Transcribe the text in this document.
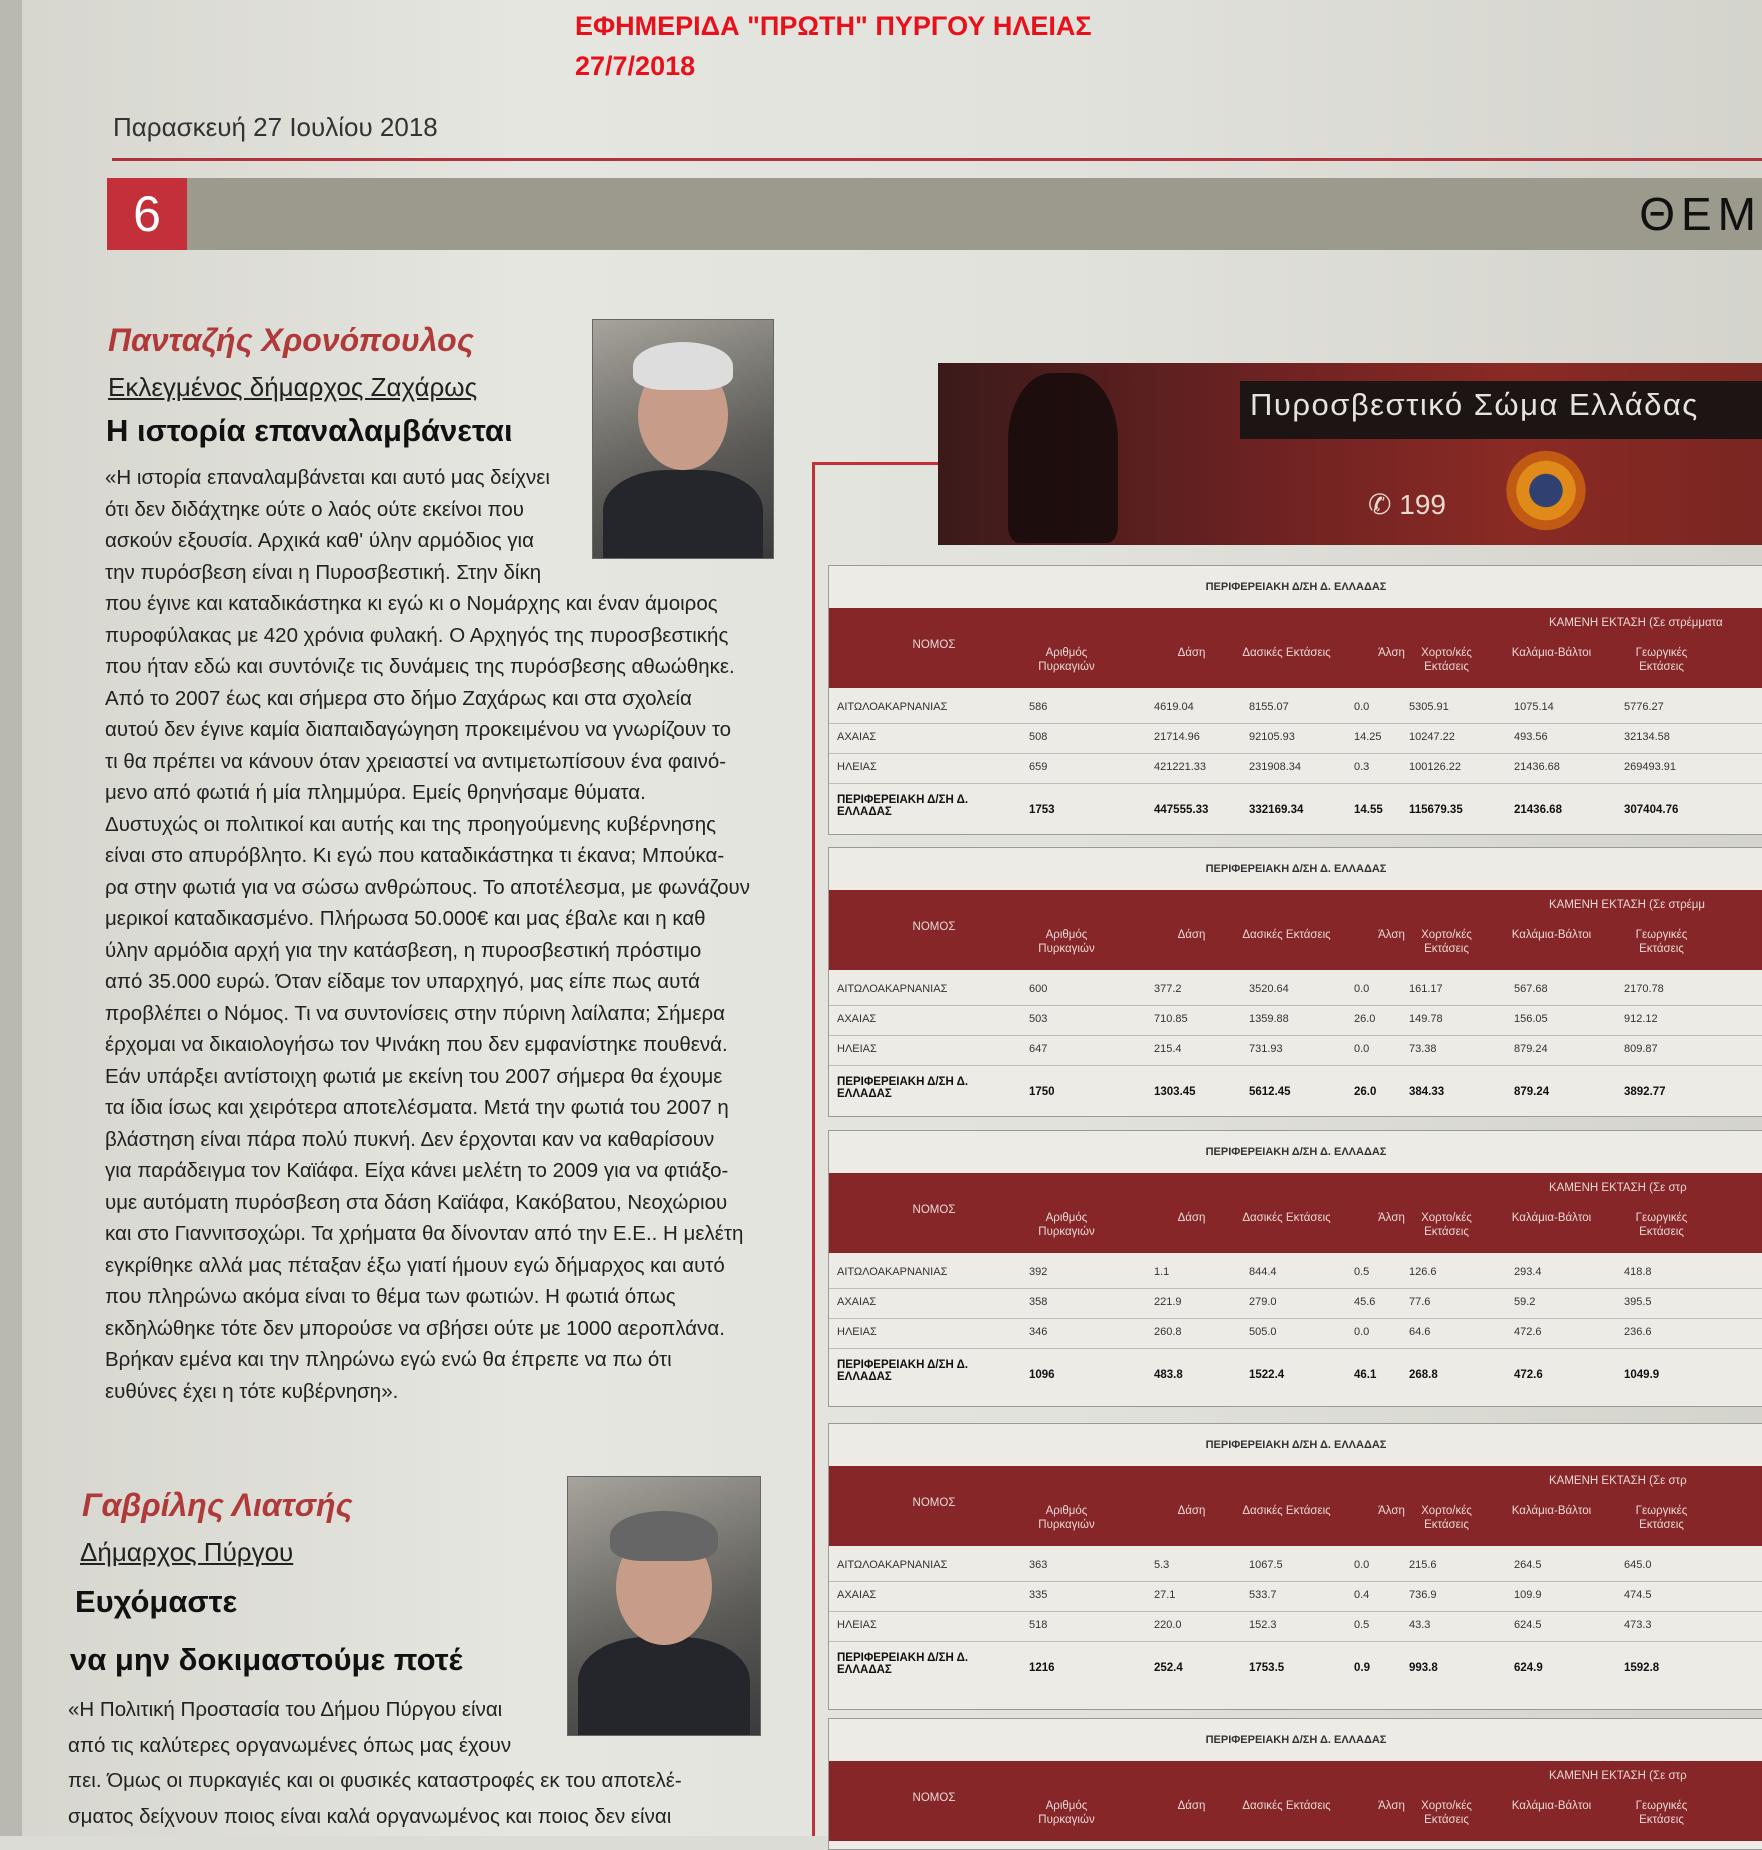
ΕΦΗΜΕΡΙΔΑ "ΠΡΩΤΗ" ΠΥΡΓΟΥ ΗΛΕΙΑΣ
27/7/2018
Παρασκευή 27 Ιουλίου 2018
6	ΘΕΜ
Πανταζής Χρονόπουλος
Εκλεγμένος δήμαρχος Ζαχάρως
Η ιστορία επαναλαμβάνεται
«Η ιστορία επαναλαμβάνεται και αυτό μας δείχνει
ότι δεν διδάχτηκε ούτε ο λαός ούτε εκείνοι που
ασκούν εξουσία. Αρχικά καθ' ύλην αρμόδιος για
την πυρόσβεση είναι η Πυροσβεστική. Στην δίκη
που έγινε και καταδικάστηκα κι εγώ κι ο Νομάρχης και έναν άμοιρος
πυροφύλακας με 420 χρόνια φυλακή. Ο Αρχηγός της πυροσβεστικής
που ήταν εδώ και συντόνιζε τις δυνάμεις της πυρόσβεσης αθωώθηκε.
Από το 2007 έως και σήμερα στο δήμο Ζαχάρως και στα σχολεία
αυτού δεν έγινε καμία διαπαιδαγώγηση προκειμένου να γνωρίζουν το
τι θα πρέπει να κάνουν όταν χρειαστεί να αντιμετωπίσουν ένα φαινό-
μενο από φωτιά ή μία πλημμύρα. Εμείς θρηνήσαμε θύματα.
Δυστυχώς οι πολιτικοί και αυτής και της προηγούμενης κυβέρνησης
είναι στο απυρόβλητο. Κι εγώ που καταδικάστηκα τι έκανα; Μπούκα-
ρα στην φωτιά για να σώσω ανθρώπους. Το αποτέλεσμα, με φωνάζουν
μερικοί καταδικασμένο. Πλήρωσα 50.000€ και μας έβαλε και η καθ
ύλην αρμόδια αρχή για την κατάσβεση, η πυροσβεστική πρόστιμο
από 35.000 ευρώ. Όταν είδαμε τον υπαρχηγό, μας είπε πως αυτά
προβλέπει ο Νόμος. Τι να συντονίσεις στην πύρινη λαίλαπα; Σήμερα
έρχομαι να δικαιολογήσω τον Ψινάκη που δεν εμφανίστηκε πουθενά.
Εάν υπάρξει αντίστοιχη φωτιά με εκείνη του 2007 σήμερα θα έχουμε
τα ίδια ίσως και χειρότερα αποτελέσματα. Μετά την φωτιά του 2007 η
βλάστηση είναι πάρα πολύ πυκνή. Δεν έρχονται καν να καθαρίσουν
για παράδειγμα τον Καϊάφα. Είχα κάνει μελέτη το 2009 για να φτιάξο-
υμε αυτόματη πυρόσβεση στα δάση Καϊάφα, Κακόβατου, Νεοχώριου
και στο Γιαννιτσοχώρι. Τα χρήματα θα δίνονταν από την Ε.Ε.. Η μελέτη
εγκρίθηκε αλλά μας πέταξαν έξω γιατί ήμουν εγώ δήμαρχος και αυτό
που πληρώνω ακόμα είναι το θέμα των φωτιών. Η φωτιά όπως
εκδηλώθηκε τότε δεν μπορούσε να σβήσει ούτε με 1000 αεροπλάνα.
Βρήκαν εμένα και την πληρώνω εγώ ενώ θα έπρεπε να πω ότι
ευθύνες έχει η τότε κυβέρνηση».
Γαβρίλης Λιατσής
Δήμαρχος Πύργου
Ευχόμαστε
να μην δοκιμαστούμε ποτέ
«Η Πολιτική Προστασία του Δήμου Πύργου είναι
από τις καλύτερες οργανωμένες όπως μας έχουν
πει. Όμως οι πυρκαγιές και οι φυσικές καταστροφές εκ του αποτελέ-
σματος δείχνουν ποιος είναι καλά οργανωμένος και ποιος δεν είναι
Πυροσβεστικό Σώμα Ελλάδας
✆ 199
ΠΕΡΙΦΕΡΕΙΑΚΗ Δ/ΣΗ Δ. ΕΛΛΑΔΑΣ
ΚΑΜΕΝΗ ΕΚΤΑΣΗ (Σε στρέμματα
ΝΟΜΟΣ
Αριθμός Πυρκαγιών
Δάση	Δασικές Εκτάσεις	Άλση	Χορτο/κές Εκτάσεις
Καλάμια-Βάλτοι	Γεωργικές Εκτάσεις
ΑΙΤΩΛΟΑΚΑΡΝΑΝΙΑΣ	586	4619.04	8155.07	0.0	5305.91	1075.14	5776.27
ΑΧΑΙΑΣ	508	21714.96	92105.93	14.25 10247.22	493.56	32134.58
ΗΛΕΙΑΣ	659	421221.33	231908.34	0.3	100126.22	21436.68	269493.91
ΠΕΡΙΦΕΡΕΙΑΚΗ Δ/ΣΗ Δ. ΕΛΛΑΔΑΣ	1753	447555.33	332169.34	14.55 115679.35	21436.68	307404.76
ΠΕΡΙΦΕΡΕΙΑΚΗ Δ/ΣΗ Δ. ΕΛΛΑΔΑΣ
ΚΑΜΕΝΗ ΕΚΤΑΣΗ (Σε στρέμμ
ΝΟΜΟΣ
Αριθμός Πυρκαγιών
Δάση	Δασικές Εκτάσεις	Άλση	Χορτο/κές Εκτάσεις
Καλάμια-Βάλτοι	Γεωργικές Εκτάσεις
ΑΙΤΩΛΟΑΚΑΡΝΑΝΙΑΣ	600	377.2	3520.64	0.0	161.17	567.68	2170.78
ΑΧΑΙΑΣ	503	710.85	1359.88	26.0	149.78	156.05	912.12
ΗΛΕΙΑΣ	647	215.4	731.93	0.0	73.38	879.24	809.87
ΠΕΡΙΦΕΡΕΙΑΚΗ Δ/ΣΗ Δ. ΕΛΛΑΔΑΣ	1750	1303.45	5612.45	26.0	384.33	879.24	3892.77
ΠΕΡΙΦΕΡΕΙΑΚΗ Δ/ΣΗ Δ. ΕΛΛΑΔΑΣ
ΚΑΜΕΝΗ ΕΚΤΑΣΗ (Σε στρ
ΝΟΜΟΣ
Αριθμός Πυρκαγιών
Δάση	Δασικές Εκτάσεις	Άλση	Χορτο/κές Εκτάσεις
Καλάμια-Βάλτοι	Γεωργικές Εκτάσεις
ΑΙΤΩΛΟΑΚΑΡΝΑΝΙΑΣ	392	1.1	844.4	0.5	126.6	293.4	418.8
ΑΧΑΙΑΣ	358	221.9	279.0	45.6	77.6	59.2	395.5
ΗΛΕΙΑΣ	346	260.8	505.0	0.0	64.6	472.6	236.6
ΠΕΡΙΦΕΡΕΙΑΚΗ Δ/ΣΗ Δ. ΕΛΛΑΔΑΣ	1096	483.8	1522.4	46.1	268.8	472.6	1049.9
ΠΕΡΙΦΕΡΕΙΑΚΗ Δ/ΣΗ Δ. ΕΛΛΑΔΑΣ
ΚΑΜΕΝΗ ΕΚΤΑΣΗ (Σε στρ
ΝΟΜΟΣ
Αριθμός Πυρκαγιών
Δάση	Δασικές Εκτάσεις	Άλση	Χορτο/κές Εκτάσεις
Καλάμια-Βάλτοι	Γεωργικές Εκτάσεις
ΑΙΤΩΛΟΑΚΑΡΝΑΝΙΑΣ	363	5.3	1067.5	0.0	215.6	264.5	645.0
ΑΧΑΙΑΣ	335	27.1	533.7	0.4	736.9	109.9	474.5
ΗΛΕΙΑΣ	518	220.0	152.3	0.5	43.3	624.5	473.3
ΠΕΡΙΦΕΡΕΙΑΚΗ Δ/ΣΗ Δ. ΕΛΛΑΔΑΣ	1216	252.4	1753.5	0.9	993.8	624.9	1592.8
ΠΕΡΙΦΕΡΕΙΑΚΗ Δ/ΣΗ Δ. ΕΛΛΑΔΑΣ
ΚΑΜΕΝΗ ΕΚΤΑΣΗ (Σε στρ
ΝΟΜΟΣ
Αριθμός Πυρκαγιών
Δάση	Δασικές Εκτάσεις	Άλση	Χορτο/κές Εκτάσεις
Καλάμια-Βάλτοι	Γεωργικές Εκτάσεις
